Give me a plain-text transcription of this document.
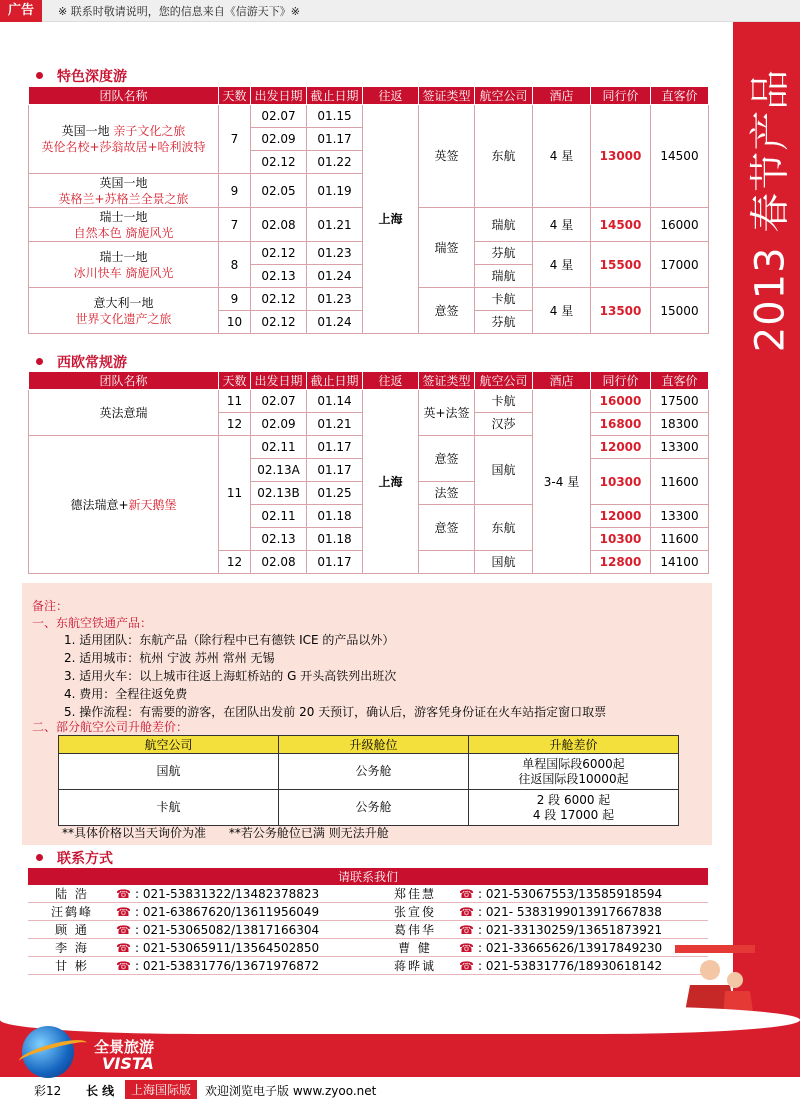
广告	※ 联系时敬请说明，您的信息来自《信游天下》※
2013 春节产品
特色深度游
团队名称	天数	出发日期	截止日期	往返	签证类型	航空公司	酒店	同行价	直客价
英国一地 亲子文化之旅
英伦名校+莎翁故居+哈利波特	7	02.07	01.15	上海	英签	东航	4 星	13000	14500
		02.09	01.17						
		02.12	01.22						
英国一地
英格兰+苏格兰全景之旅	9	02.05	01.19						
瑞士一地
自然本色 旖旎风光	7	02.08	01.21		瑞签	瑞航	4 星	14500	16000
瑞士一地
冰川快车 旖旎风光	8	02.12	01.23			芬航	4 星	15500	17000
		02.13	01.24			瑞航			
意大利一地
世界文化遗产之旅	9	02.12	01.23		意签	卡航	4 星	13500	15000
	10	02.12	01.24			芬航			
西欧常规游
团队名称	天数	出发日期	截止日期	往返	签证类型	航空公司	酒店	同行价	直客价
英法意瑞	11	02.07	01.14	上海	英+法签	卡航	3-4 星	16000	17500
	12	02.09	01.21			汉莎		16800	18300
德法瑞意+新天鹅堡	11	02.11	01.17		意签	国航		12000	13300
		02.13A	01.17					10300	11600
		02.13B	01.25		法签				
		02.11	01.18		意签	东航		12000	13300
		02.13	01.18					10300	11600
	12	02.08	01.17			国航		12800	14100
备注：
一、东航空铁通产品：
1. 适用团队：东航产品（除行程中已有德铁 ICE 的产品以外）
2. 适用城市：杭州 宁波 苏州 常州 无锡
3. 适用火车：以上城市往返上海虹桥站的 G 开头高铁列出班次
4. 费用：全程往返免费
5. 操作流程：有需要的游客，在团队出发前 20 天预订，确认后，游客凭身份证在火车站指定窗口取票
二、部分航空公司升舱差价：
航空公司	升级舱位	升舱差价
国航	公务舱	单程国际段6000起
往返国际段10000起
卡航	公务舱	2 段 6000 起
4 段 17000 起
**具体价格以当天询价为准 **若公务舱位已满 则无法升舱
联系方式
请联系我们			
陆 浩	☎ : 021-53831322/13482378823	郑佳慧	☎ : 021-53067553/13585918594
汪鹤峰	☎ : 021-63867620/13611956049	张宣俊	☎ : 021- 5383199013917667838
顾 通	☎ : 021-53065082/13817166304	葛伟华	☎ : 021-33130259/13651873921
李 海	☎ : 021-53065911/13564502850	曹 健	☎ : 021-33665626/13917849230
甘 彬	☎ : 021-53831776/13671976872	蒋晔诚	☎ : 021-53831776/18930618142
全景旅游
VISTA
彩12 长 线	上海国际版	欢迎浏览电子版 www.zyoo.net
